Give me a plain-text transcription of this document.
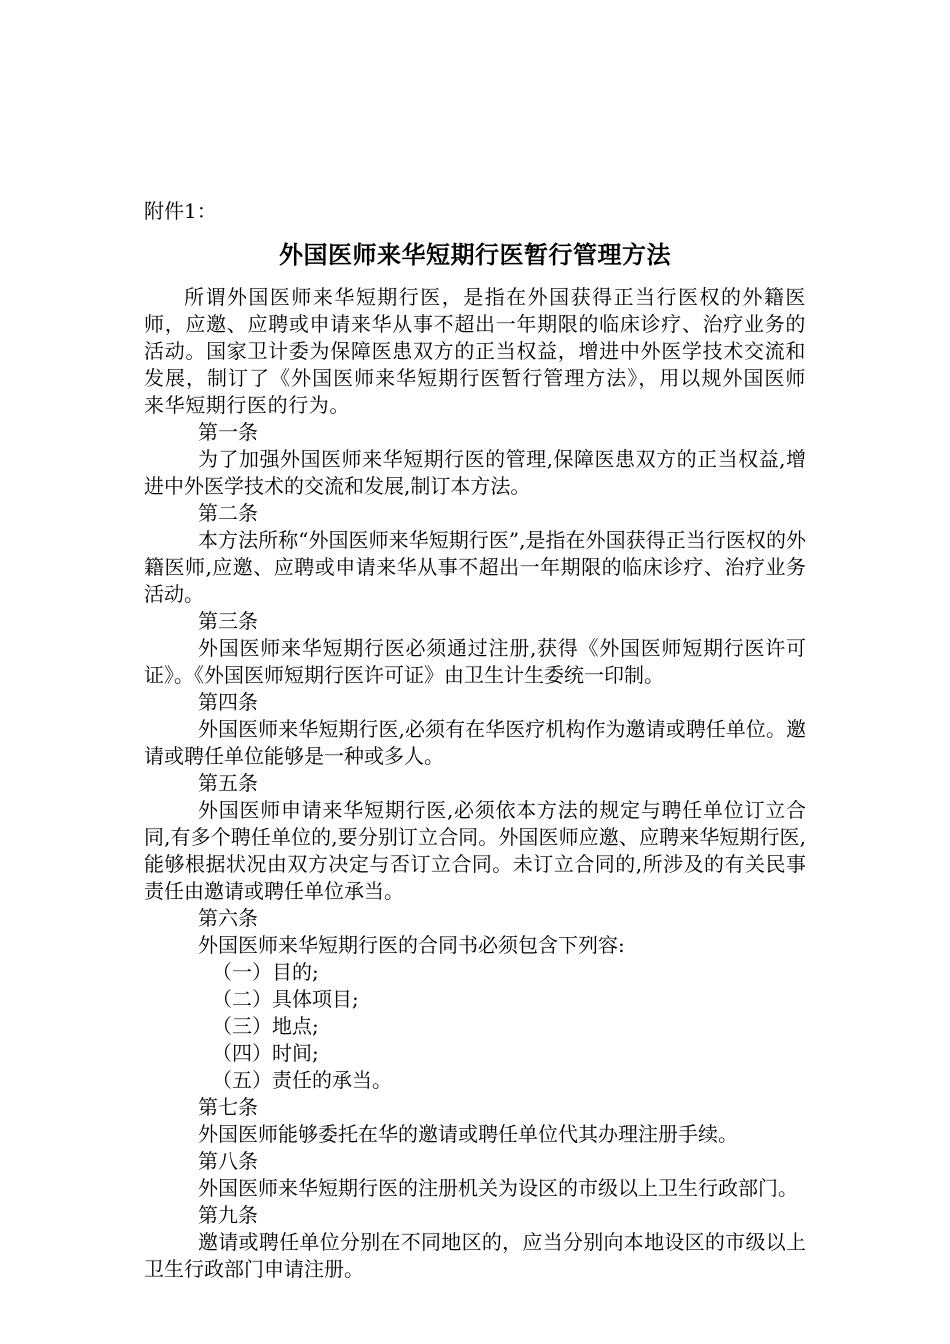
附件1：

外国医师来华短期行医暂行管理方法

所谓外国医师来华短期行医，是指在外国获得正当行医权的外籍医师，应邀、应聘或申请来华从事不超出一年期限的临床诊疗、治疗业务的活动。国家卫计委为保障医患双方的正当权益，增进中外医学技术交流和发展，制订了《外国医师来华短期行医暂行管理方法》，用以规外国医师来华短期行医的行为。

第一条

为了加强外国医师来华短期行医的管理,保障医患双方的正当权益,增进中外医学技术的交流和发展,制订本方法。

第二条

本方法所称“外国医师来华短期行医”,是指在外国获得正当行医权的外籍医师,应邀、应聘或申请来华从事不超出一年期限的临床诊疗、治疗业务活动。

第三条

外国医师来华短期行医必须通过注册,获得《外国医师短期行医许可证》。《外国医师短期行医许可证》由卫生计生委统一印制。

第四条

外国医师来华短期行医,必须有在华医疗机构作为邀请或聘任单位。邀请或聘任单位能够是一种或多人。

第五条

外国医师申请来华短期行医,必须依本方法的规定与聘任单位订立合同,有多个聘任单位的,要分别订立合同。外国医师应邀、应聘来华短期行医,能够根据状况由双方决定与否订立合同。未订立合同的,所涉及的有关民事责任由邀请或聘任单位承当。

第六条

外国医师来华短期行医的合同书必须包含下列容:

（一）目的;
（二）具体项目;
（三）地点;
（四）时间;
（五）责任的承当。

第七条

外国医师能够委托在华的邀请或聘任单位代其办理注册手续。

第八条

外国医师来华短期行医的注册机关为设区的市级以上卫生行政部门。

第九条

邀请或聘任单位分别在不同地区的，应当分别向本地设区的市级以上卫生行政部门申请注册。
